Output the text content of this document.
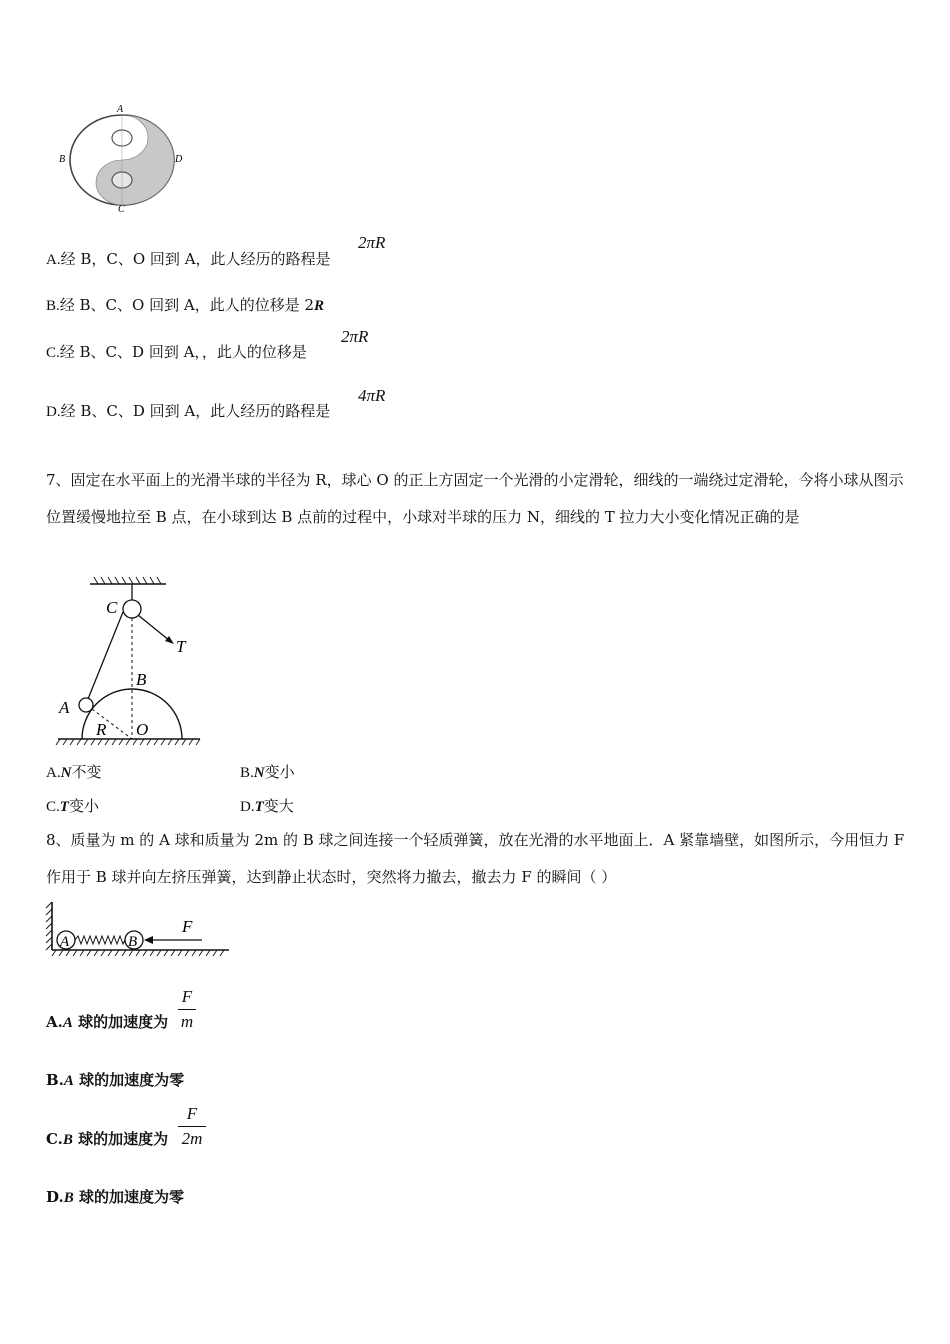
A
B	D
C
A.经 B，C、O 回到 A，此人经历的路程是
2πR
B.经 B、C、O 回到 A，此人的位移是 2R
C.经 B、C、D 回到 A，，此人的位移是
2πR
D.经 B、C、D 回到 A，此人经历的路程是
4πR
7、固定在水平面上的光滑半球的半径为 R，球心 O 的正上方固定一个光滑的小定滑轮，细线的一端绕过定滑轮，今将小球从图示位置缓慢地拉至 B 点，在小球到达 B 点前的过程中，小球对半球的压力 N，细线的 T 拉力大小变化情况正确的是
C
T
B
A
R O
A.N不变	B.N变小
C.T变小	D.T变大
8、质量为 m 的 A 球和质量为 2m 的 B 球之间连接一个轻质弹簧，放在光滑的水平地面上．A 紧靠墙壁，如图所示，今用恒力 F 作用于 B 球并向左挤压弹簧，达到静止状态时，突然将力撤去，撤去力 F 的瞬间（ ）
A	B
F
A.A 球的加速度为 $\frac{F}{m}$
B.A 球的加速度为零
C.B 球的加速度为 $\frac{F}{2m}$
D.B 球的加速度为零
